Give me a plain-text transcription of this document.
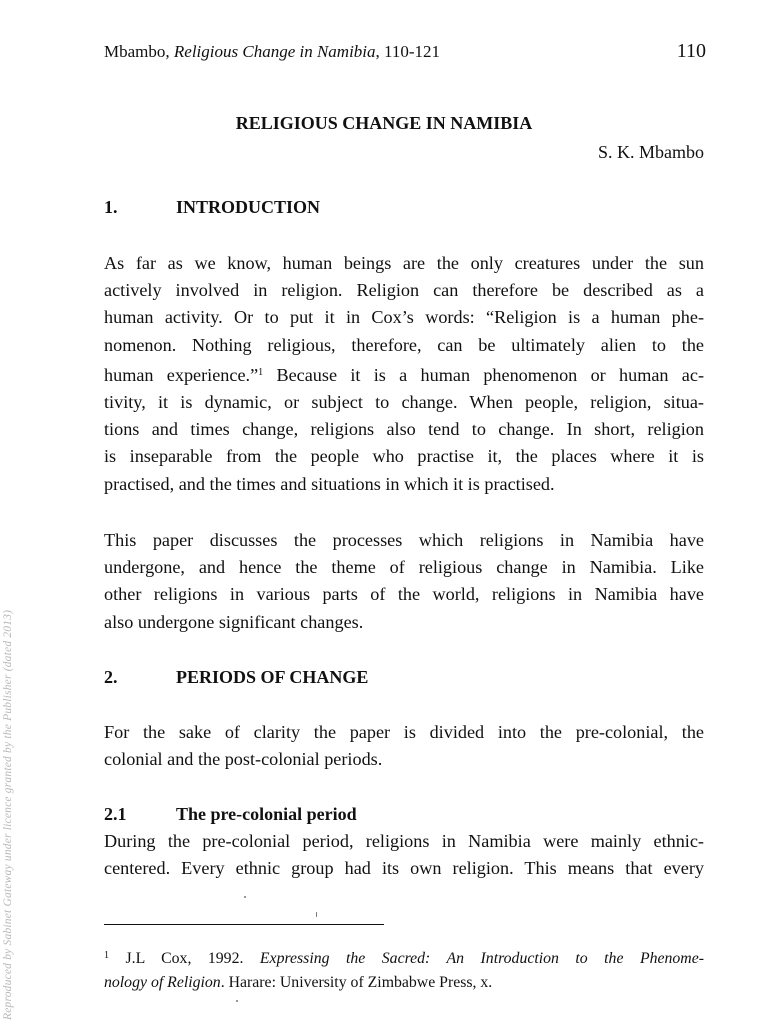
Reproduced by Sabinet Gateway under licence granted by the Publisher (dated 2013)
Mbambo, Religious Change in Namibia, 110-121	110
RELIGIOUS CHANGE IN NAMIBIA
S. K. Mbambo
1.	INTRODUCTION

As far as we know, human beings are the only creatures under the sun
actively involved in religion. Religion can therefore be described as a
human activity. Or to put it in Cox’s words: “Religion is a human phe-
nomenon. Nothing religious, therefore, can be ultimately alien to the
human experience.”$^1$ Because it is a human phenomenon or human ac-
tivity, it is dynamic, or subject to change. When people, religion, situa-
tions and times change, religions also tend to change. In short, religion
is inseparable from the people who practise it, the places where it is
practised, and the times and situations in which it is practised.

This paper discusses the processes which religions in Namibia have
undergone, and hence the theme of religious change in Namibia. Like
other religions in various parts of the world, religions in Namibia have
also undergone significant changes.

2.	PERIODS OF CHANGE

For the sake of clarity the paper is divided into the pre-colonial, the
colonial and the post-colonial periods.

2.1	The pre-colonial period

During the pre-colonial period, religions in Namibia were mainly ethnic-
centered. Every ethnic group had its own religion. This means that every

$^1$ J.L Cox, 1992. Expressing the Sacred: An Introduction to the Phenome-
nology of Religion. Harare: University of Zimbabwe Press, x.
